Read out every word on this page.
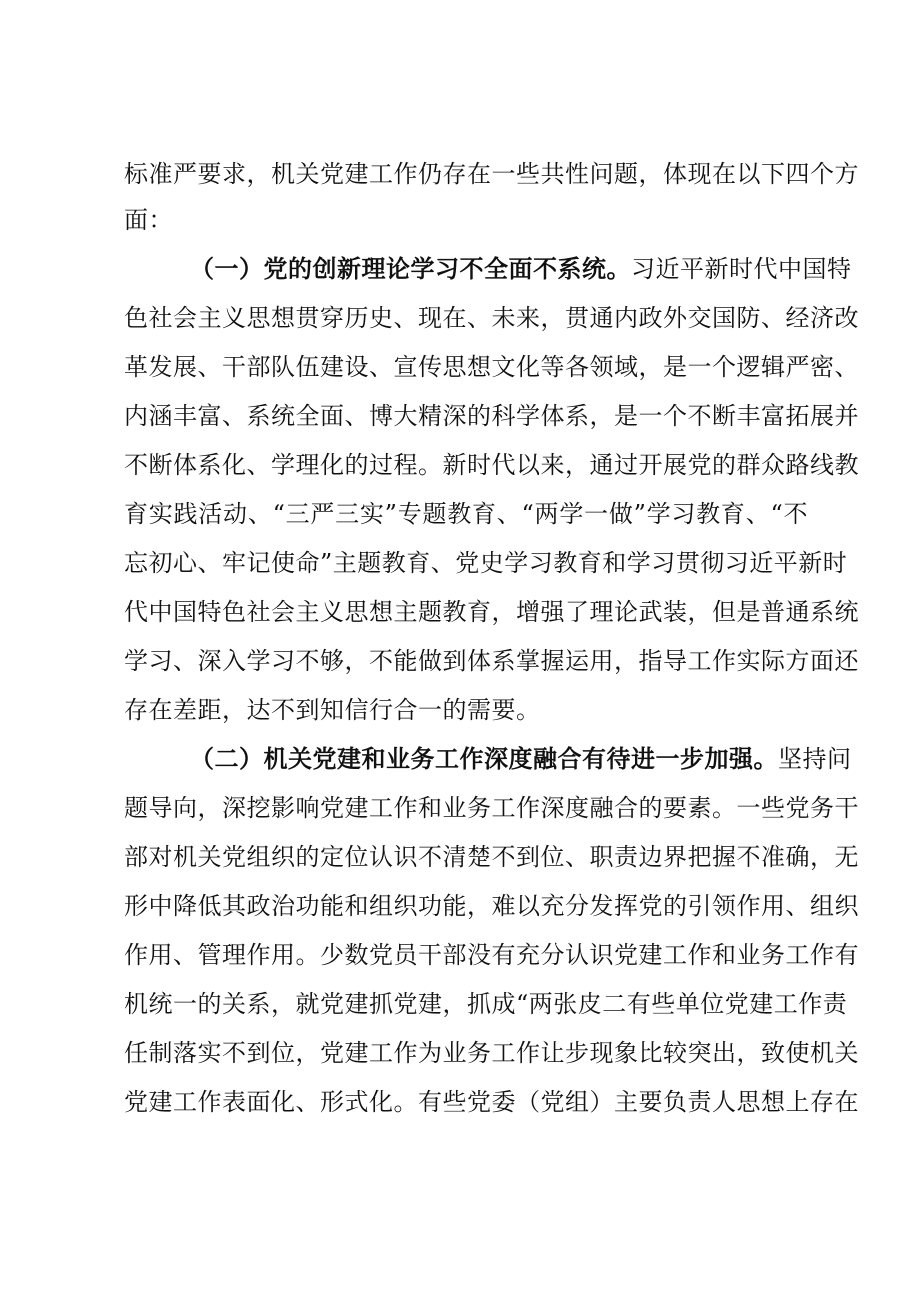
标准严要求，机关党建工作仍存在一些共性问题，体现在以下四个方
面：
（一）党的创新理论学习不全面不系统。习近平新时代中国特
色社会主义思想贯穿历史、现在、未来，贯通内政外交国防、经济改
革发展、干部队伍建设、宣传思想文化等各领域，是一个逻辑严密、
内涵丰富、系统全面、博大精深的科学体系，是一个不断丰富拓展并
不断体系化、学理化的过程。新时代以来，通过开展党的群众路线教
育实践活动、“三严三实”专题教育、“两学一做”学习教育、“不
忘初心、牢记使命”主题教育、党史学习教育和学习贯彻习近平新时
代中国特色社会主义思想主题教育，增强了理论武装，但是普通系统
学习、深入学习不够，不能做到体系掌握运用，指导工作实际方面还
存在差距，达不到知信行合一的需要。
（二）机关党建和业务工作深度融合有待进一步加强。坚持问
题导向，深挖影响党建工作和业务工作深度融合的要素。一些党务干
部对机关党组织的定位认识不清楚不到位、职责边界把握不准确，无
形中降低其政治功能和组织功能，难以充分发挥党的引领作用、组织
作用、管理作用。少数党员干部没有充分认识党建工作和业务工作有
机统一的关系，就党建抓党建，抓成“两张皮二有些单位党建工作责
任制落实不到位，党建工作为业务工作让步现象比较突出，致使机关
党建工作表面化、形式化。有些党委（党组）主要负责人思想上存在
